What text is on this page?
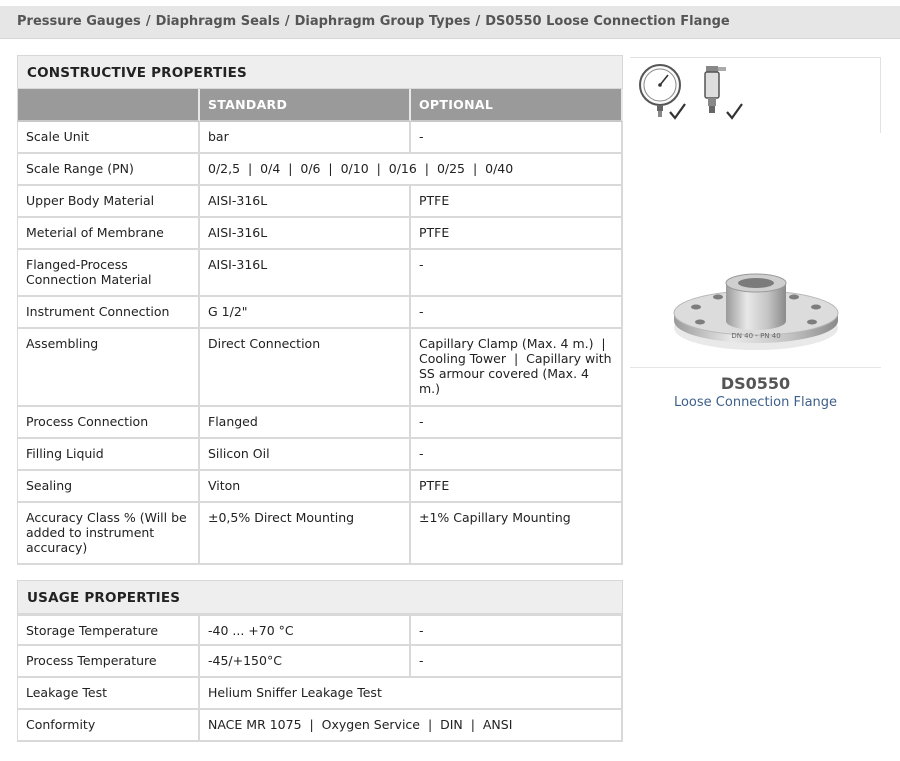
Pressure Gauges / Diaphragm Seals / Diaphragm Group Types / DS0550 Loose Connection Flange
CONSTRUCTIVE PROPERTIES
	STANDARD	OPTIONAL
Scale Unit	bar	-
Scale Range (PN)	0/2,5  |  0/4  |  0/6  |  0/10  |  0/16  |  0/25  |  0/40	
Upper Body Material	AISI-316L	PTFE
Meterial of Membrane	AISI-316L	PTFE
Flanged-Process Connection Material	AISI-316L	-
Instrument Connection	G 1/2"	-
Assembling	Direct Connection	Capillary Clamp (Max. 4 m.)  |  Cooling Tower  |  Capillary with SS armour covered (Max. 4 m.)
Process Connection	Flanged	-
Filling Liquid	Silicon Oil	-
Sealing	Viton	PTFE
Accuracy Class % (Will be added to instrument accuracy)	±0,5% Direct Mounting	±1% Capillary Mounting
USAGE PROPERTIES
Storage Temperature	-40 ... +70 °C	-
Process Temperature	-45/+150°C	-
Leakage Test	Helium Sniffer Leakage Test	
Conformity	NACE MR 1075  |  Oxygen Service  |  DIN  |  ANSI	
DN 40 - PN 40
DS0550
Loose Connection Flange
